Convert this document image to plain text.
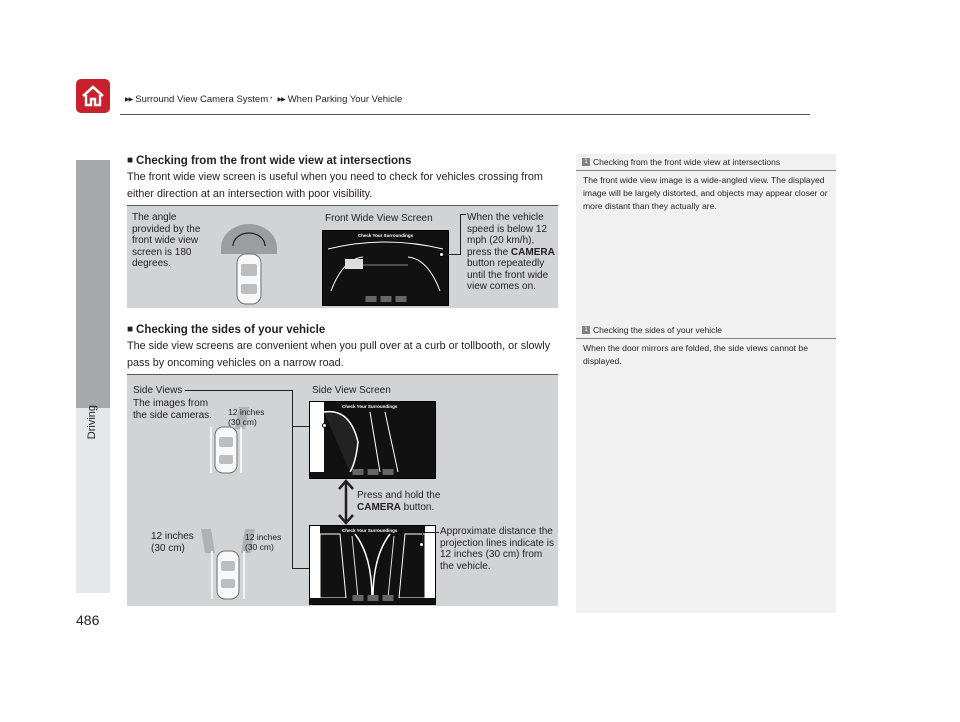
▶▶ Surround View Camera System * ▶▶ When Parking Your Vehicle
Driving
486
■ Checking from the front wide view at intersections
The front wide view screen is useful when you need to check for vehicles crossing from either direction at an intersection with poor visibility.
The angle provided by the front wide view screen is 180 degrees.
Front Wide View Screen
Check Your Surroundings
When the vehicle speed is below 12 mph (20 km/h), press the CAMERA button repeatedly until the front wide view comes on.
■ Checking the sides of your vehicle
The side view screens are convenient when you pull over at a curb or tollbooth, or slowly pass by oncoming vehicles on a narrow road.
Side Views
The images from the side cameras.
Side View Screen
12 inches (30 cm)
Check Your Surroundings
Press and hold the
CAMERA button.
12 inches (30 cm)
12 inches (30 cm)
Check Your Surroundings	Approximate distance the projection lines indicate is 12 inches (30 cm) from the vehicle.
1 Checking from the front wide view at intersections
The front wide view image is a wide-angled view. The displayed image will be largely distorted, and objects may appear closer or more distant than they actually are.
1 Checking the sides of your vehicle
When the door mirrors are folded, the side views cannot be displayed.
